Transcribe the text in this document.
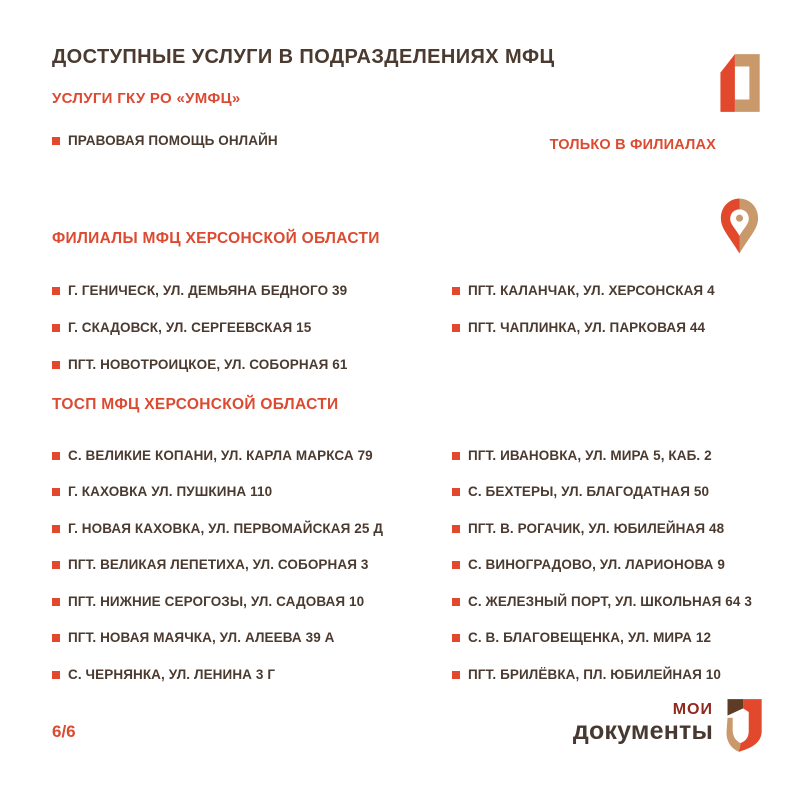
ДОСТУПНЫЕ УСЛУГИ В ПОДРАЗДЕЛЕНИЯХ МФЦ
УСЛУГИ ГКУ РО «УМФЦ»
ПРАВОВАЯ ПОМОЩЬ ОНЛАЙН	ТОЛЬКО В ФИЛИАЛАХ
ФИЛИАЛЫ МФЦ ХЕРСОНСКОЙ ОБЛАСТИ
Г. ГЕНИЧЕСК, УЛ. ДЕМЬЯНА БЕДНОГО 39
Г. СКАДОВСК, УЛ. СЕРГЕЕВСКАЯ 15
ПГТ. НОВОТРОИЦКОЕ, УЛ. СОБОРНАЯ 61
ПГТ. КАЛАНЧАК, УЛ. ХЕРСОНСКАЯ 4
ПГТ. ЧАПЛИНКА, УЛ. ПАРКОВАЯ 44
ТОСП МФЦ ХЕРСОНСКОЙ ОБЛАСТИ
С. ВЕЛИКИЕ КОПАНИ, УЛ. КАРЛА МАРКСА 79
Г. КАХОВКА УЛ. ПУШКИНА 110
Г. НОВАЯ КАХОВКА, УЛ. ПЕРВОМАЙСКАЯ 25 Д
ПГТ. ВЕЛИКАЯ ЛЕПЕТИХА, УЛ. СОБОРНАЯ 3
ПГТ. НИЖНИЕ СЕРОГОЗЫ, УЛ. САДОВАЯ 10
ПГТ. НОВАЯ МАЯЧКА, УЛ. АЛЕЕВА 39 А
С. ЧЕРНЯНКА, УЛ. ЛЕНИНА 3 Г
ПГТ. ИВАНОВКА, УЛ. МИРА 5, КАБ. 2
С. БЕХТЕРЫ, УЛ. БЛАГОДАТНАЯ 50
ПГТ. В. РОГАЧИК, УЛ. ЮБИЛЕЙНАЯ 48
С. ВИНОГРАДОВО, УЛ. ЛАРИОНОВА 9
С. ЖЕЛЕЗНЫЙ ПОРТ, УЛ. ШКОЛЬНАЯ 64 3
С. В. БЛАГОВЕЩЕНКА, УЛ. МИРА 12
ПГТ. БРИЛЁВКА, ПЛ. ЮБИЛЕЙНАЯ 10
6/6
МОИ
документы
